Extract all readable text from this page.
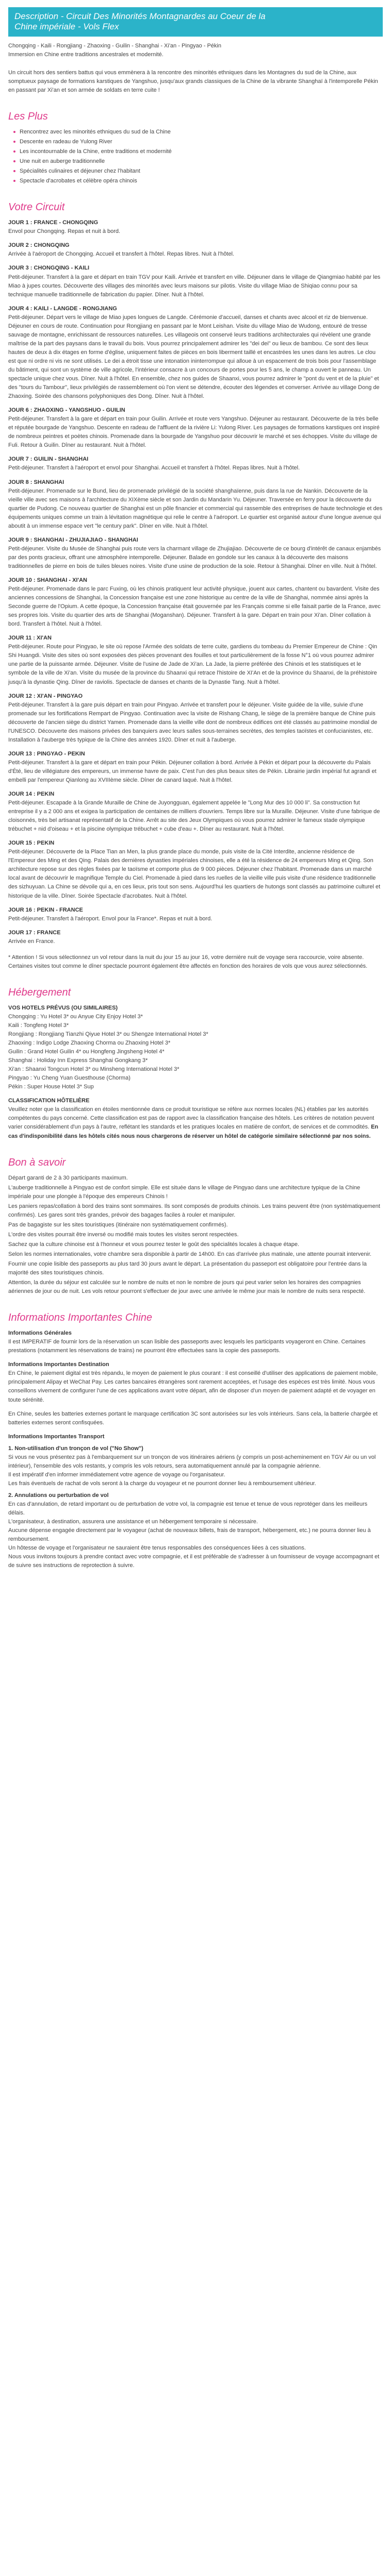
Description - Circuit Des Minorités Montagnardes au Coeur de la
Chine impériale - Vols Flex

Chongqing - Kaili - Rongjiang - Zhaoxing - Guilin - Shanghai - Xi'an - Pingyao - Pékin
Immersion en Chine entre traditions ancestrales et modernité.

Un circuit hors des sentiers battus qui vous emmènera à la rencontre des minorités ethniques dans les Montagnes du sud de la Chine, aux somptueux paysage de formations karstiques de Yangshuo, jusqu'aux grands classiques de la Chine de la vibrante Shanghaï à l'intemporelle Pékin en passant par Xi'an et son armée de soldats en terre cuite !

Les Plus
Rencontrez avec les minorités ethniques du sud de la Chine
Descente en radeau de Yulong River
Les incontournable de la Chine, entre traditions et modernité
Une nuit en auberge traditionnelle
Spécialités culinaires et déjeuner chez l'habitant
Spectacle d'acrobates et célèbre opéra chinois
Votre Circuit
JOUR 1 : FRANCE - CHONGQING

Envol pour Chongqing. Repas et nuit à bord.

JOUR 2 : CHONGQING

Arrivée à l'aéroport de Chongqing. Accueil et transfert à l'hôtel. Repas libres. Nuit à l'hôtel.

JOUR 3 : CHONGQING - KAILI

Petit-déjeuner. Transfert à la gare et départ en train TGV pour Kaili. Arrivée et transfert en ville. Déjeuner dans le village de Qiangmiao habité par les Miao à jupes courtes. Découverte des villages des minorités avec leurs maisons sur pilotis. Visite du village Miao de Shiqiao connu pour sa technique manuelle traditionnelle de fabrication du papier. Dîner. Nuit à l'hôtel.

JOUR 4 : KAILI - LANGDE - RONGJIANG

Petit-déjeuner. Départ vers le village de Miao jupes longues de Langde. Cérémonie d'accueil, danses et chants avec alcool et riz de bienvenue. Déjeuner en cours de route. Continuation pour Rongjiang en passant par le Mont Leishan. Visite du village Miao de Wudong, entouré de tresse sauvage de montagne, enrichissant de ressources naturelles. Les villageois ont conservé leurs traditions architecturales qui révèlent une grande maîtrise de la part des paysans dans le travail du bois. Vous pourrez principalement admirer les "dei dei" ou lieux de bambou. Ce sont des lieux hautes de deux à dix étages en forme d'église, uniquement faites de pièces en bois liberment taillé et encastrées les unes dans les autres. Le clou est que ni ordre ni vis ne sont utilisés. Le dei a étroit tisse une intonation ininterrompue qui alloue à un espacement de trois bois pour l'assemblage du bâtiment, qui sont un système de ville agricole, l'intérieur consacre à un concours de portes pour les 5 ans, le champ a ouvert le panneau. Un spectacle unique chez vous. Dîner. Nuit à l'hôtel. En ensemble, chez nos guides de Shaanxi, vous pourrez admirer le "pont du vent et de la pluie" et des "tours du Tambour", lieux privilégiés de rassemblement où l'on vient se détendre, écouter des légendes et converser. Arrivée au village Dong de Zhaoxing. Soirée des chansons polyphoniques des Dong. Dîner. Nuit à l'hôtel.

JOUR 6 : ZHAOXING - YANGSHUO - GUILIN

Petit-déjeuner. Transfert à la gare et départ en train pour Guilin. Arrivée et route vers Yangshuo. Déjeuner au restaurant. Découverte de la très belle et réputée bourgade de Yangshuo. Descente en radeau de l'affluent de la rivière Li: Yulong River. Les paysages de formations karstiques ont inspiré de nombreux peintres et poètes chinois. Promenade dans la bourgade de Yangshuo pour découvrir le marché et ses échoppes. Visite du village de Fuli. Retour à Guilin. Dîner au restaurant. Nuit à l'hôtel.

JOUR 7 : GUILIN - SHANGHAI

Petit-déjeuner. Transfert à l'aéroport et envol pour Shanghai. Accueil et transfert à l'hôtel. Repas libres. Nuit à l'hôtel.

JOUR 8 : SHANGHAI

Petit-déjeuner. Promenade sur le Bund, lieu de promenade privilégié de la société shanghaïenne, puis dans la rue de Nankin. Découverte de la vieille ville avec ses maisons à l'architecture du XIXème siècle et son Jardin du Mandarin Yu. Déjeuner. Traversée en ferry pour la découverte du quartier de Pudong. Ce nouveau quartier de Shanghai est un pôle financier et commercial qui rassemble des entreprises de haute technologie et des équipements uniques comme un train à lévitation magnétique qui relie le centre à l'aéroport. Le quartier est organisé autour d'une longue avenue qui aboutit à un immense espace vert "le century park". Dîner en ville. Nuit à l'hôtel.

JOUR 9 : SHANGHAI - ZHUJIAJIAO - SHANGHAI

Petit-déjeuner. Visite du Musée de Shanghai puis route vers la charmant village de Zhujiajiao. Découverte de ce bourg d'intérêt de canaux enjambés par des ponts gracieux, offrant une atmosphère intemporelle. Déjeuner. Balade en gondole sur les canaux à la découverte des maisons traditionnelles de pierre en bois de tuiles bleues noires. Visite d'une usine de production de la soie. Retour à Shanghai. Dîner en ville. Nuit à l'hôtel.

JOUR 10 : SHANGHAI - XI'AN

Petit-déjeuner. Promenade dans le parc Fuxing, où les chinois pratiquent leur activité physique, jouent aux cartes, chantent ou bavardent. Visite des anciennes concessions de Shanghai, la Concession française est une zone historique au centre de la ville de Shanghai, nommée ainsi après la Seconde guerre de l'Opium. A cette époque, la Concession française était gouvernée par les Français comme si elle faisait partie de la France, avec ses propres lois. Visite du quartier des arts de Shanghai (Moganshan). Déjeuner. Transfert à la gare. Départ en train pour Xi'an. Dîner collation à bord. Transfert à l'hôtel. Nuit à l'hôtel.

JOUR 11 : XI'AN

Petit-déjeuner. Route pour Pingyao, le site où repose l'Armée des soldats de terre cuite, gardiens du tombeau du Premier Empereur de Chine : Qin Shi Huangdi. Visite des sites où sont exposées des pièces provenant des fouilles et tout particulièrement de la fosse N°1 où vous pourrez admirer une partie de la puissante armée. Déjeuner. Visite de l'usine de Jade de Xi'an. La Jade, la pierre préférée des Chinois et les statistiques et le symbole de la ville de Xi'an. Visite du musée de la province du Shaanxi qui retrace l'histoire de XI'An et de la province du Shaanxi, de la préhistoire jusqu'à la dynastie Qing. Dîner de raviolis. Spectacle de danses et chants de la Dynastie Tang. Nuit à l'hôtel.

JOUR 12 : XI'AN - PINGYAO

Petit-déjeuner. Transfert à la gare puis départ en train pour Pingyao. Arrivée et transfert pour le déjeuner. Visite guidée de la ville, suivie d'une promenade sur les fortifications Rempart de Pingyao. Continuation avec la visite de Rishang Chang, le siège de la première banque de Chine puis découverte de l'ancien siège du district Yamen. Promenade dans la vieille ville dont de nombreux édifices ont été classés au patrimoine mondial de l'UNESCO. Découverte des maisons privées des banquiers avec leurs salles sous-terraines secrètes, des temples taoïstes et confucianistes, etc. Installation à l'auberge très typique de la Chine des années 1920. Dîner et nuit à l'auberge.

JOUR 13 : PINGYAO - PEKIN

Petit-déjeuner. Transfert à la gare et départ en train pour Pékin. Déjeuner collation à bord. Arrivée à Pékin et départ pour la découverte du Palais d'Été, lieu de villégiature des empereurs, un immense havre de paix. C'est l'un des plus beaux sites de Pékin. Librairie jardin impérial fut agrandi et embelli par l'empereur Qianlong au XVIIIème siècle. Dîner de canard laqué. Nuit à l'hôtel.

JOUR 14 : PEKIN

Petit-déjeuner. Escapade à la Grande Muraille de Chine de Juyongguan, également appelée le "Long Mur des 10 000 li". Sa construction fut entreprise il y a 2 000 ans et exigea la participation de centaines de milliers d'ouvriers. Temps libre sur la Muraille. Déjeuner. Visite d'une fabrique de cloisonnés, très bel artisanat représentatif de la Chine. Arrêt au site des Jeux Olympiques où vous pourrez admirer le fameux stade olympique trébuchet + nid d'oiseau + et la piscine olympique trébuchet + cube d'eau +. Dîner au restaurant. Nuit à l'hôtel.

JOUR 15 : PEKIN

Petit-déjeuner. Découverte de la Place Tian an Men, la plus grande place du monde, puis visite de la Cité Interdite, ancienne résidence de l'Empereur des Ming et des Qing. Palais des dernières dynasties impériales chinoises, elle a été la résidence de 24 empereurs Ming et Qing. Son architecture repose sur des règles fixées par le taoïsme et comporte plus de 9 000 pièces. Déjeuner chez l'habitant. Promenade dans un marché local avant de découvrir le magnifique Temple du Ciel. Promenade à pied dans les ruelles de la vieille ville puis visite d'une résidence traditionnelle des sizhuyuan. La Chine se dévoile qui a, en ces lieux, pris tout son sens. Aujourd'hui les quartiers de hutongs sont classés au patrimoine culturel et historique de la ville. Dîner. Soirée Spectacle d'acrobates. Nuit à l'hôtel.

JOUR 16 : PEKIN - FRANCE

Petit-déjeuner. Transfert à l'aéroport. Envol pour la France*. Repas et nuit à bord.

JOUR 17 : FRANCE

Arrivée en France.

* Attention ! Si vous sélectionnez un vol retour dans la nuit du jour 15 au jour 16, votre dernière nuit de voyage sera raccourcie, voire absente. Certaines visites tout comme le dîner spectacle pourront également être affectés en fonction des horaires de vols que vous aurez sélectionnés.

Hébergement
VOS HOTELS PRÉVUS (OU SIMILAIRES)
Chongqing : Yu Hotel 3* ou Anyue City Enjoy Hotel 3*
Kaili : Tongfeng Hotel 3*
Rongjiang : Rongjiang Tianzhi Qiyue Hotel 3* ou Shengze International Hotel 3*
Zhaoxing : Indigo Lodge Zhaoxing Chorma ou Zhaoxing Hotel 3*
Guilin : Grand Hotel Guilin 4* ou Hongfeng Jingsheng Hotel 4*
Shanghai : Holiday Inn Express Shanghai Gongkang 3*
Xi'an : Shaanxi Tongcun Hotel 3* ou Minsheng International Hotel 3*
Pingyao : Yu Cheng Yuan Guesthouse (Chorma)
Pékin : Super House Hotel 3* Sup
CLASSIFICATION HÔTELIÈRE

Veuillez noter que la classification en étoiles mentionnée dans ce produit touristique se réfère aux normes locales (NL) établies par les autorités compétentes du pays concerné. Cette classification est pas de rapport avec la classification française des hôtels. Les critères de notation peuvent varier considérablement d'un pays à l'autre, reflétant les standards et les pratiques locales en matière de confort, de services et de commodités. En cas d'indisponibilité dans les hôtels cités nous nous chargerons de réserver un hôtel de catégorie similaire sélectionné par nos soins.

Bon à savoir
Départ garanti de 2 à 30 participants maximum.
L'auberge traditionnelle à Pingyao est de confort simple. Elle est située dans le village de Pingyao dans une architecture typique de la Chine impériale pour une plongée à l'époque des empereurs Chinois !
Les paniers repas/collation à bord des trains sont sommaires. Ils sont composés de produits chinois. Les trains peuvent être (non systématiquement confirmés). Les gares sont très grandes, prévoir des bagages faciles à rouler et manipuler.
Pas de bagagiste sur les sites touristiques (itinéraire non systématiquement confirmés).
L'ordre des visites pourrait être inversé ou modifié mais toutes les visites seront respectées.
Sachez que la culture chinoise est à l'honneur et vous pourrez tester le goût des spécialités locales à chaque étape.
Selon les normes internationales, votre chambre sera disponible à partir de 14h00. En cas d'arrivée plus matinale, une attente pourrait intervenir.
Fournir une copie lisible des passeports au plus tard 30 jours avant le départ. La présentation du passeport est obligatoire pour l'entrée dans la majorité des sites touristiques chinois.
Attention, la durée du séjour est calculée sur le nombre de nuits et non le nombre de jours qui peut varier selon les horaires des compagnies aériennes de jour ou de nuit. Les vols retour pourront s'effectuer de jour avec une arrivée le même jour mais le nombre de nuits sera respecté.
Informations Importantes Chine
Informations Générales

Il est IMPERATIF de fournir lors de la réservation un scan lisible des passeports avec lesquels les participants voyageront en Chine. Certaines prestations (notamment les réservations de trains) ne pourront être effectuées sans la copie des passeports.

Informations Importantes Destination

En Chine, le paiement digital est très répandu, le moyen de paiement le plus courant : il est conseillé d'utiliser des applications de paiement mobile, principalement Alipay et WeChat Pay. Les cartes bancaires étrangères sont rarement acceptées, et l'usage des espèces est très limité. Nous vous conseillons vivement de configurer l'une de ces applications avant votre départ, afin de disposer d'un moyen de paiement adapté et de voyager en toute sérénité.

En Chine, seules les batteries externes portant le marquage certification 3C sont autorisées sur les vols intérieurs. Sans cela, la batterie chargée et batteries externes seront confisquées.

Informations Importantes Transport
1. Non-utilisation d'un tronçon de vol ("No Show")
Si vous ne vous présentez pas à l'embarquement sur un tronçon de vos itinéraires aériens (y compris un post-acheminement en TGV Air ou un vol intérieur), l'ensemble des vols restants, y compris les vols retours, sera automatiquement annulé par la compagnie aérienne.
Il est impératif d'en informer immédiatement votre agence de voyage ou l'organisateur.
Les frais éventuels de rachat de vols seront à la charge du voyageur et ne pourront donner lieu à remboursement ultérieur.
2. Annulations ou perturbation de vol
En cas d'annulation, de retard important ou de perturbation de votre vol, la compagnie est tenue et tenue de vous reprotéger dans les meilleurs délais.
L'organisateur, à destination, assurera une assistance et un hébergement temporaire si nécessaire.
Aucune dépense engagée directement par le voyageur (achat de nouveaux billets, frais de transport, hébergement, etc.) ne pourra donner lieu à remboursement.
Un hôtesse de voyage et l'organisateur ne sauraient être tenus responsables des conséquences liées à ces situations.
Nous vous invitons toujours à prendre contact avec votre compagnie, et il est préférable de s'adresser à un fournisseur de voyage accompagnant et de suivre ses instructions de reprotection à suivre.
